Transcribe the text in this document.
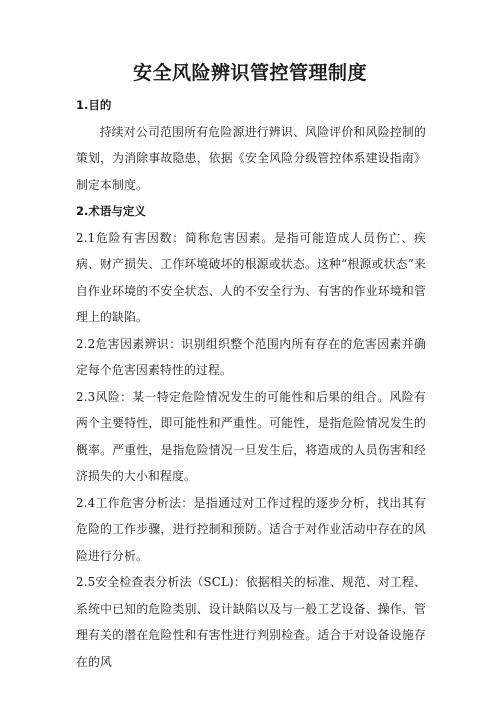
安全风险辨识管控管理制度

1.目的

持续对公司范围所有危险源进行辨识、风险评价和风险控制的策划，为消除事故隐患，依据《安全风险分级管控体系建设指南》制定本制度。

2.术语与定义

2.1危险有害因数：简称危害因素。是指可能造成人员伤亡、疾病、财产损失、工作环境破坏的根源或状态。这种“根源或状态”来自作业环境的不安全状态、人的不安全行为、有害的作业环境和管理上的缺陷。

2.2危害因素辨识：识别组织整个范围内所有存在的危害因素并确定每个危害因素特性的过程。

2.3风险：某一特定危险情况发生的可能性和后果的组合。风险有两个主要特性，即可能性和严重性。可能性，是指危险情况发生的概率。严重性，是指危险情况一旦发生后，将造成的人员伤害和经济损失的大小和程度。

2.4工作危害分析法：是指通过对工作过程的逐步分析，找出其有危险的工作步骤，进行控制和预防。适合于对作业活动中存在的风险进行分析。

2.5安全检查表分析法（SCL)：依据相关的标准、规范、对工程、系统中已知的危险类别、设计缺陷以及与一般工艺设备、操作、管理有关的潜在危险性和有害性进行判别检查。适合于对设备设施存在的风
